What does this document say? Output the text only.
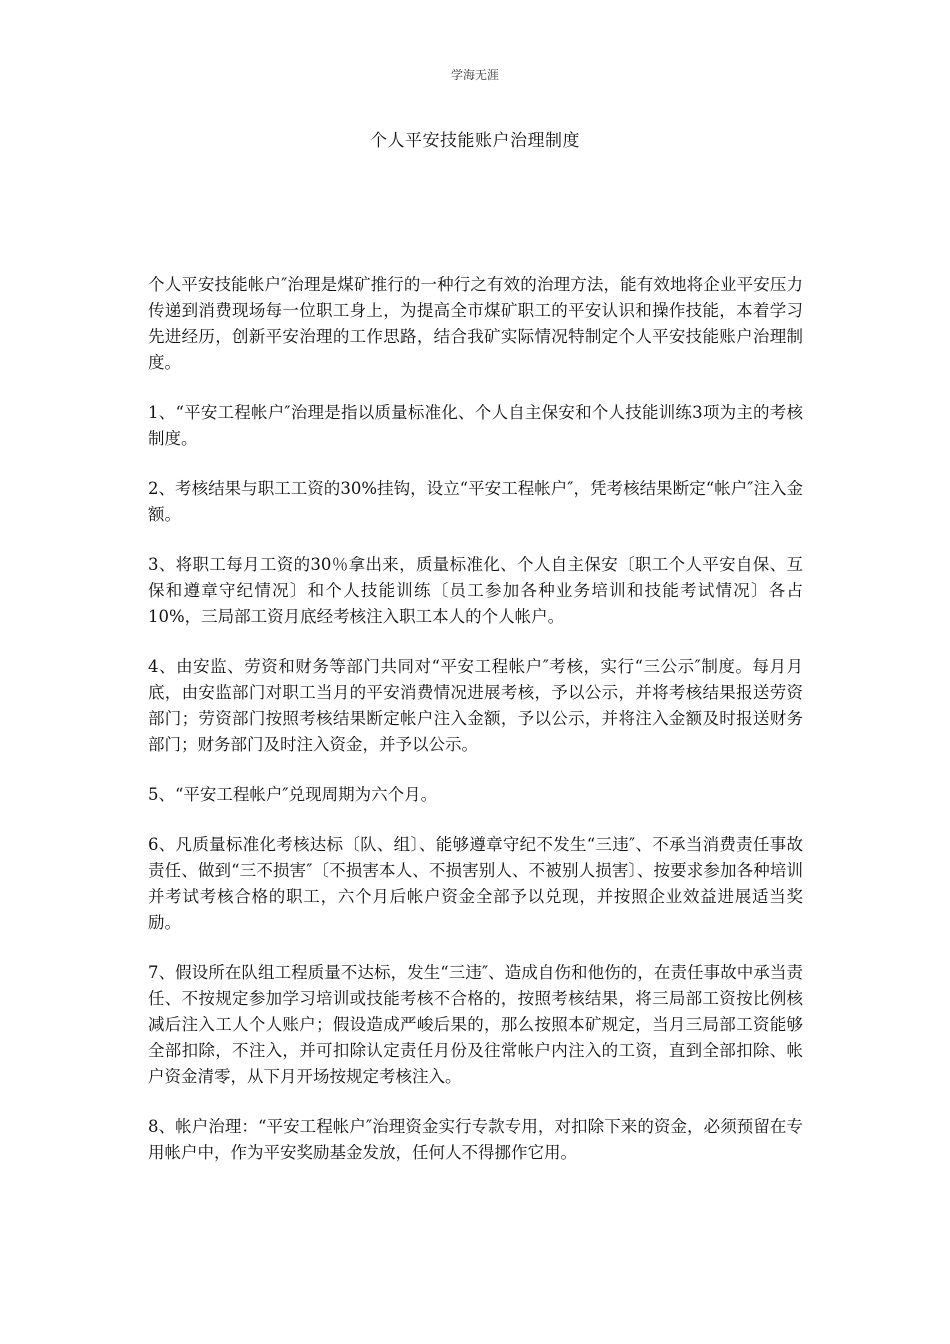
学海无涯
个人平安技能账户治理制度

个人平安技能帐户″治理是煤矿推行的一种行之有效的治理方法，能有效地将企业平安压力传递到消费现场每一位职工身上，为提高全市煤矿职工的平安认识和操作技能，本着学习先进经历，创新平安治理的工作思路，结合我矿实际情况特制定个人平安技能账户治理制度。

1、“平安工程帐户″治理是指以质量标准化、个人自主保安和个人技能训练3项为主的考核制度。

2、考核结果与职工工资的30%挂钩，设立“平安工程帐户″，凭考核结果断定“帐户″注入金额。

3、将职工每月工资的30％拿出来，质量标准化、个人自主保安〔职工个人平安自保、互保和遵章守纪情况〕和个人技能训练〔员工参加各种业务培训和技能考试情况〕各占10%，三局部工资月底经考核注入职工本人的个人帐户。

4、由安监、劳资和财务等部门共同对“平安工程帐户″考核，实行“三公示″制度。每月月底，由安监部门对职工当月的平安消费情况进展考核，予以公示，并将考核结果报送劳资部门；劳资部门按照考核结果断定帐户注入金额，予以公示，并将注入金额及时报送财务部门；财务部门及时注入资金，并予以公示。

5、“平安工程帐户″兑现周期为六个月。

6、凡质量标准化考核达标〔队、组〕、能够遵章守纪不发生“三违″、不承当消费责任事故责任、做到“三不损害″〔不损害本人、不损害别人、不被别人损害〕、按要求参加各种培训并考试考核合格的职工，六个月后帐户资金全部予以兑现，并按照企业效益进展适当奖励。

7、假设所在队组工程质量不达标，发生“三违″、造成自伤和他伤的，在责任事故中承当责任、不按规定参加学习培训或技能考核不合格的，按照考核结果，将三局部工资按比例核减后注入工人个人账户；假设造成严峻后果的，那么按照本矿规定，当月三局部工资能够全部扣除，不注入，并可扣除认定责任月份及往常帐户内注入的工资，直到全部扣除、帐户资金清零，从下月开场按规定考核注入。

8、帐户治理：“平安工程帐户″治理资金实行专款专用，对扣除下来的资金，必须预留在专用帐户中，作为平安奖励基金发放，任何人不得挪作它用。
